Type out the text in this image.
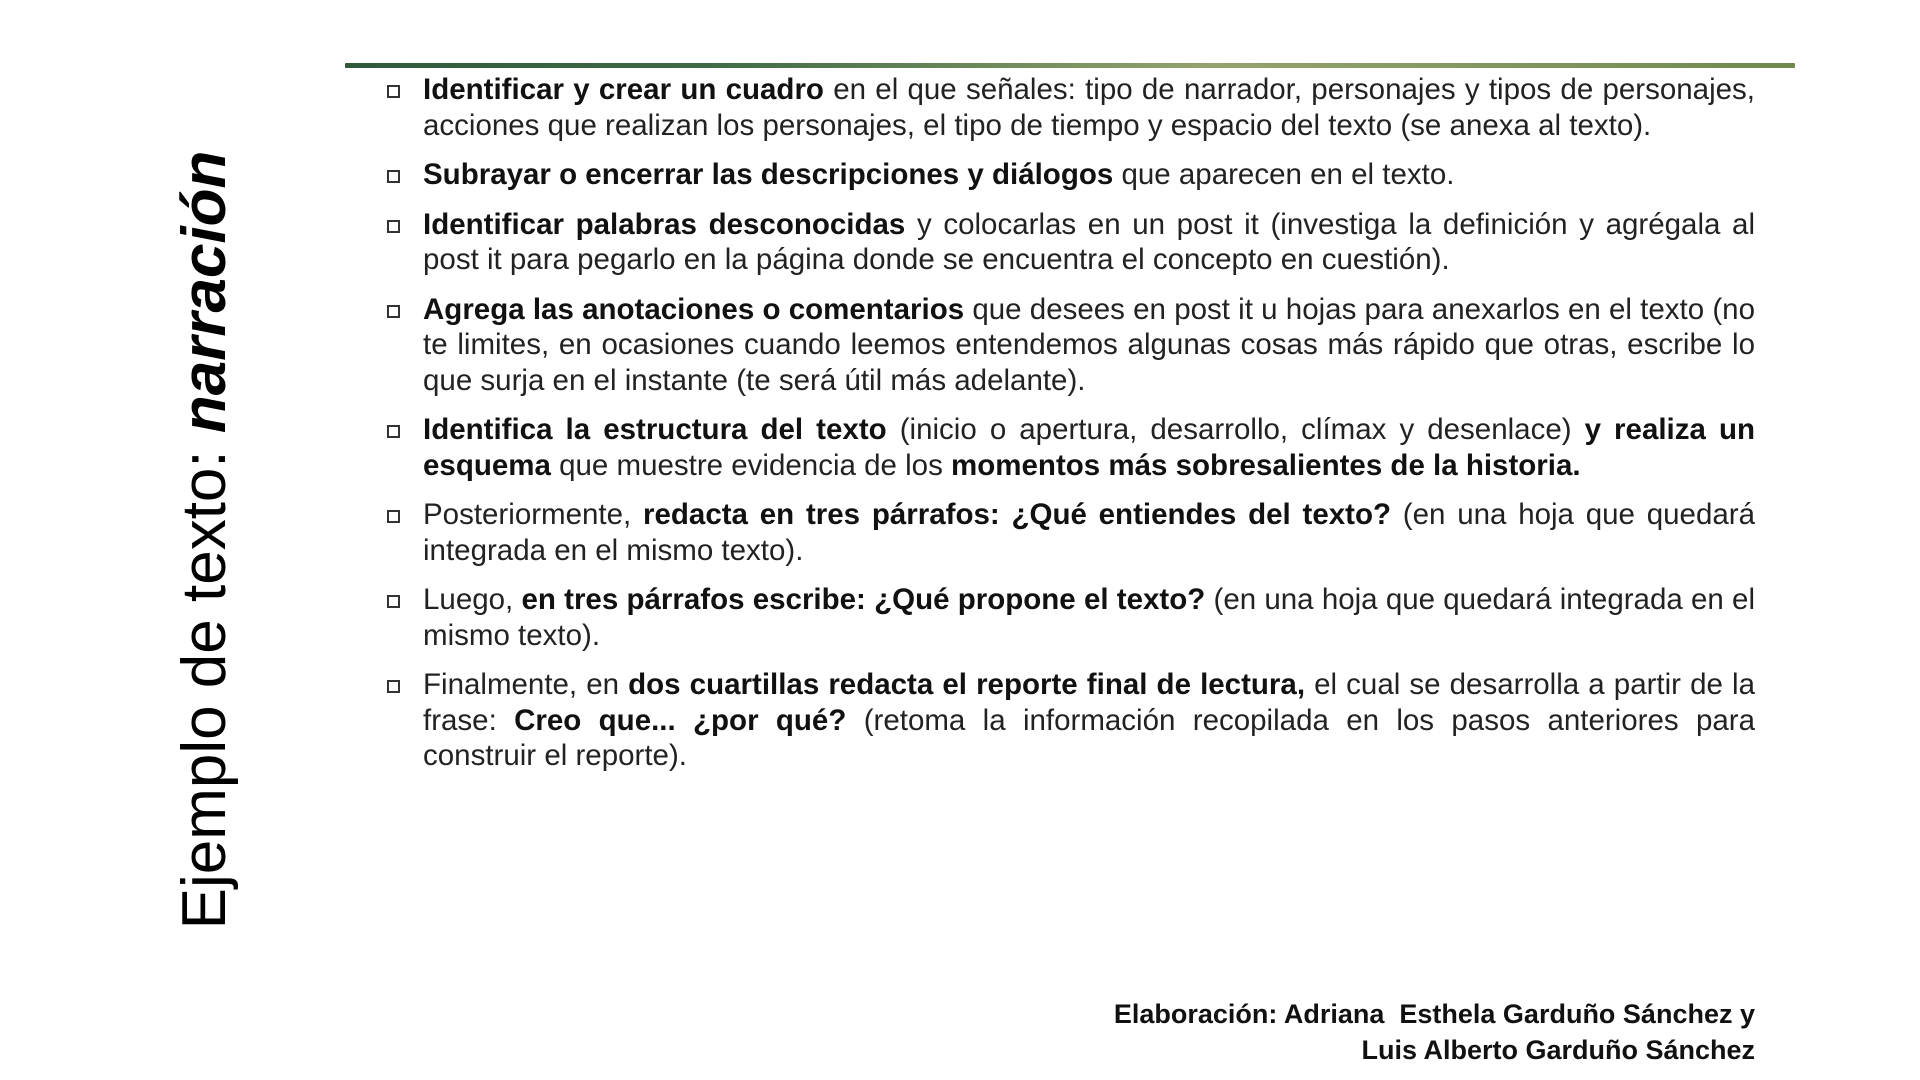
Ejemplo de texto: narración
Identificar y crear un cuadro en el que señales: tipo de narrador, personajes y tipos de personajes, acciones que realizan los personajes, el tipo de tiempo y espacio del texto (se anexa al texto).
Subrayar o encerrar las descripciones y diálogos que aparecen en el texto.
Identificar palabras desconocidas y colocarlas en un post it (investiga la definición y agrégala al post it para pegarlo en la página donde se encuentra el concepto en cuestión).
Agrega las anotaciones o comentarios que desees en post it u hojas para anexarlos en el texto (no te limites, en ocasiones cuando leemos entendemos algunas cosas más rápido que otras, escribe lo que surja en el instante (te será útil más adelante).
Identifica la estructura del texto (inicio o apertura, desarrollo, clímax y desenlace) y realiza un esquema que muestre evidencia de los momentos más sobresalientes de la historia.
Posteriormente, redacta en tres párrafos: ¿Qué entiendes del texto? (en una hoja que quedará integrada en el mismo texto).
Luego, en tres párrafos escribe: ¿Qué propone el texto? (en una hoja que quedará integrada en el mismo texto).
Finalmente, en dos cuartillas redacta el reporte final de lectura, el cual se desarrolla a partir de la frase: Creo que... ¿por qué? (retoma la información recopilada en los pasos anteriores para construir el reporte).
Elaboración: Adriana  Esthela Garduño Sánchez y
Luis Alberto Garduño Sánchez
